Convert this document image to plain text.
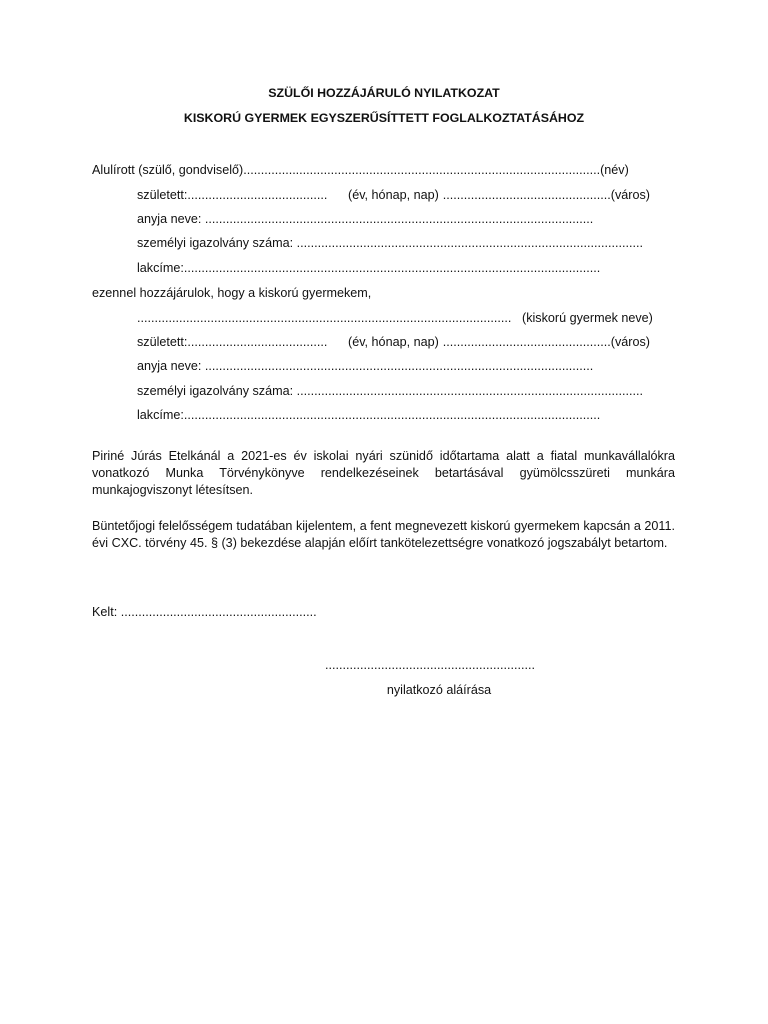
SZÜLŐI HOZZÁJÁRULÓ NYILATKOZAT
KISKORÚ GYERMEK EGYSZERŰSÍTTETT FOGLALKOZTATÁSÁHOZ
Alulírott (szülő, gondviselő)......................................................................................................(név)
született:........................................ (év, hónap, nap) ................................................(város)
anyja neve: ...............................................................................................................
személyi igazolvány száma: ...................................................................................................
lakcíme:.......................................................................................................................
ezennel hozzájárulok, hogy a kiskorú gyermekem,
........................................................................................................... (kiskorú gyermek neve)
született:........................................ (év, hónap, nap) ................................................(város)
anyja neve: ...............................................................................................................
személyi igazolvány száma: ...................................................................................................
lakcíme:.......................................................................................................................
Piriné Júrás Etelkánál a 2021-es év iskolai nyári szünidő időtartama alatt a fiatal munkavállalókra vonatkozó Munka Törvénykönyve rendelkezéseinek betartásával gyümölcsszüreti munkára munkajogviszonyt létesítsen.
Büntetőjogi felelősségem tudatában kijelentem, a fent megnevezett kiskorú gyermekem kapcsán a 2011. évi CXC. törvény 45. § (3) bekezdése alapján előírt tankötelezettségre vonatkozó jogszabályt betartom.
Kelt: ........................................................
............................................................
nyilatkozó aláírása
